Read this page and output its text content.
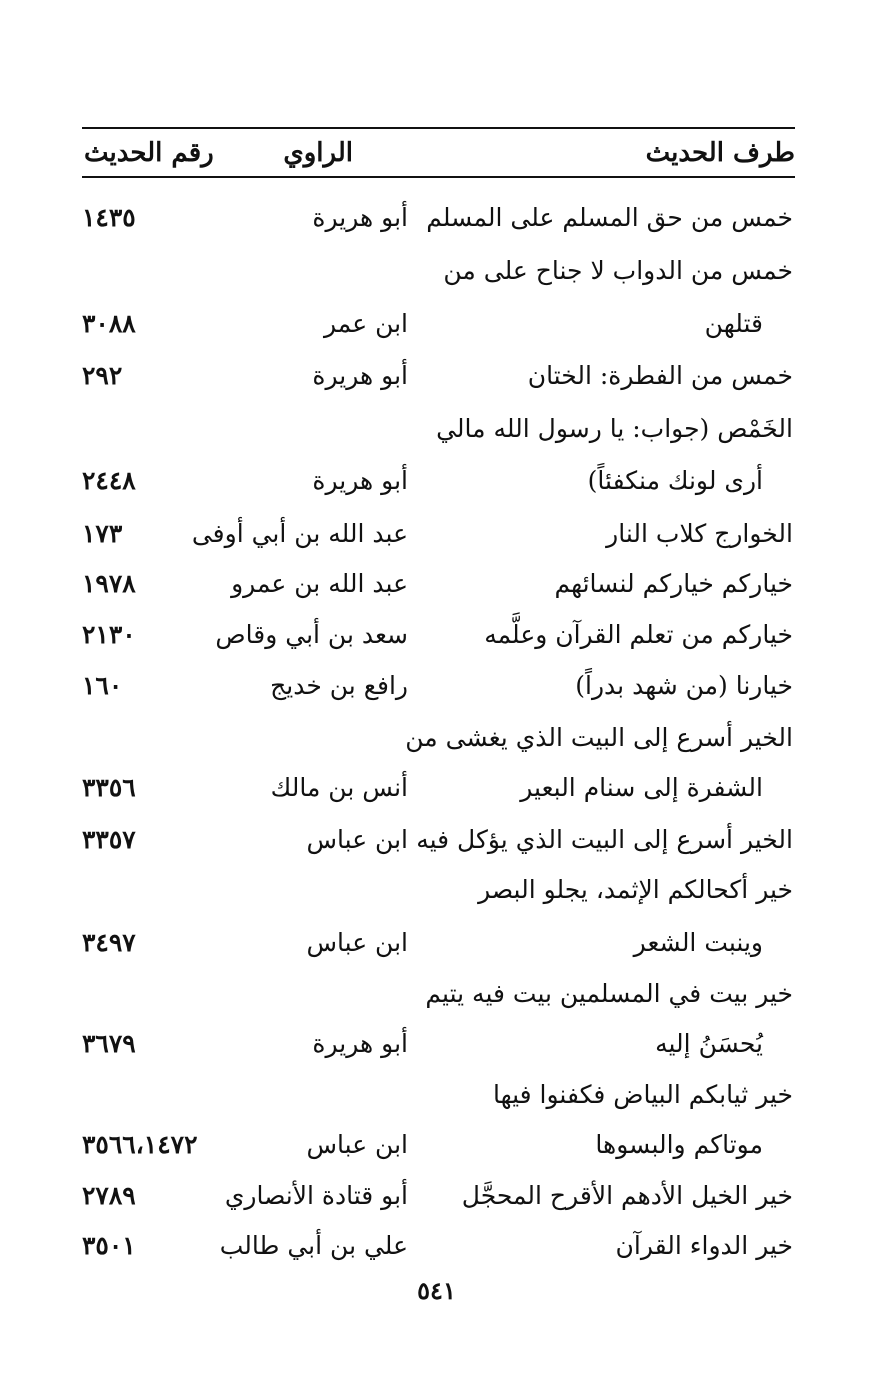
طرف الحديث
الراوي
رقم الحديث
خمس من حق المسلم على المسلم
أبو هريرة
١٤٣٥
خمس من الدواب لا جناح على من
قتلهن
ابن عمر
٣٠٨٨
خمس من الفطرة: الختان
أبو هريرة
٢٩٢
الخَمْص (جواب: يا رسول الله مالي
أرى لونك منكفئاً)
أبو هريرة
٢٤٤٨
الخوارج كلاب النار
عبد الله بن أبي أوفى
١٧٣
خياركم خياركم لنسائهم
عبد الله بن عمرو
١٩٧٨
خياركم من تعلم القرآن وعلَّمه
سعد بن أبي وقاص
٢١٣٠
خيارنا (من شهد بدراً)
رافع بن خديج
١٦٠
الخير أسرع إلى البيت الذي يغشى من
الشفرة إلى سنام البعير
أنس بن مالك
٣٣٥٦
الخير أسرع إلى البيت الذي يؤكل فيه
ابن عباس
٣٣٥٧
خير أكحالكم الإثمد، يجلو البصر
وينبت الشعر
ابن عباس
٣٤٩٧
خير بيت في المسلمين بيت فيه يتيم
يُحسَنُ إليه
أبو هريرة
٣٦٧٩
خير ثيابكم البياض فكفنوا فيها
موتاكم والبسوها
ابن عباس
٣٥٦٦،١٤٧٢
خير الخيل الأدهم الأقرح المحجَّل
أبو قتادة الأنصاري
٢٧٨٩
خير الدواء القرآن
علي بن أبي طالب
٣٥٠١
٥٤١
